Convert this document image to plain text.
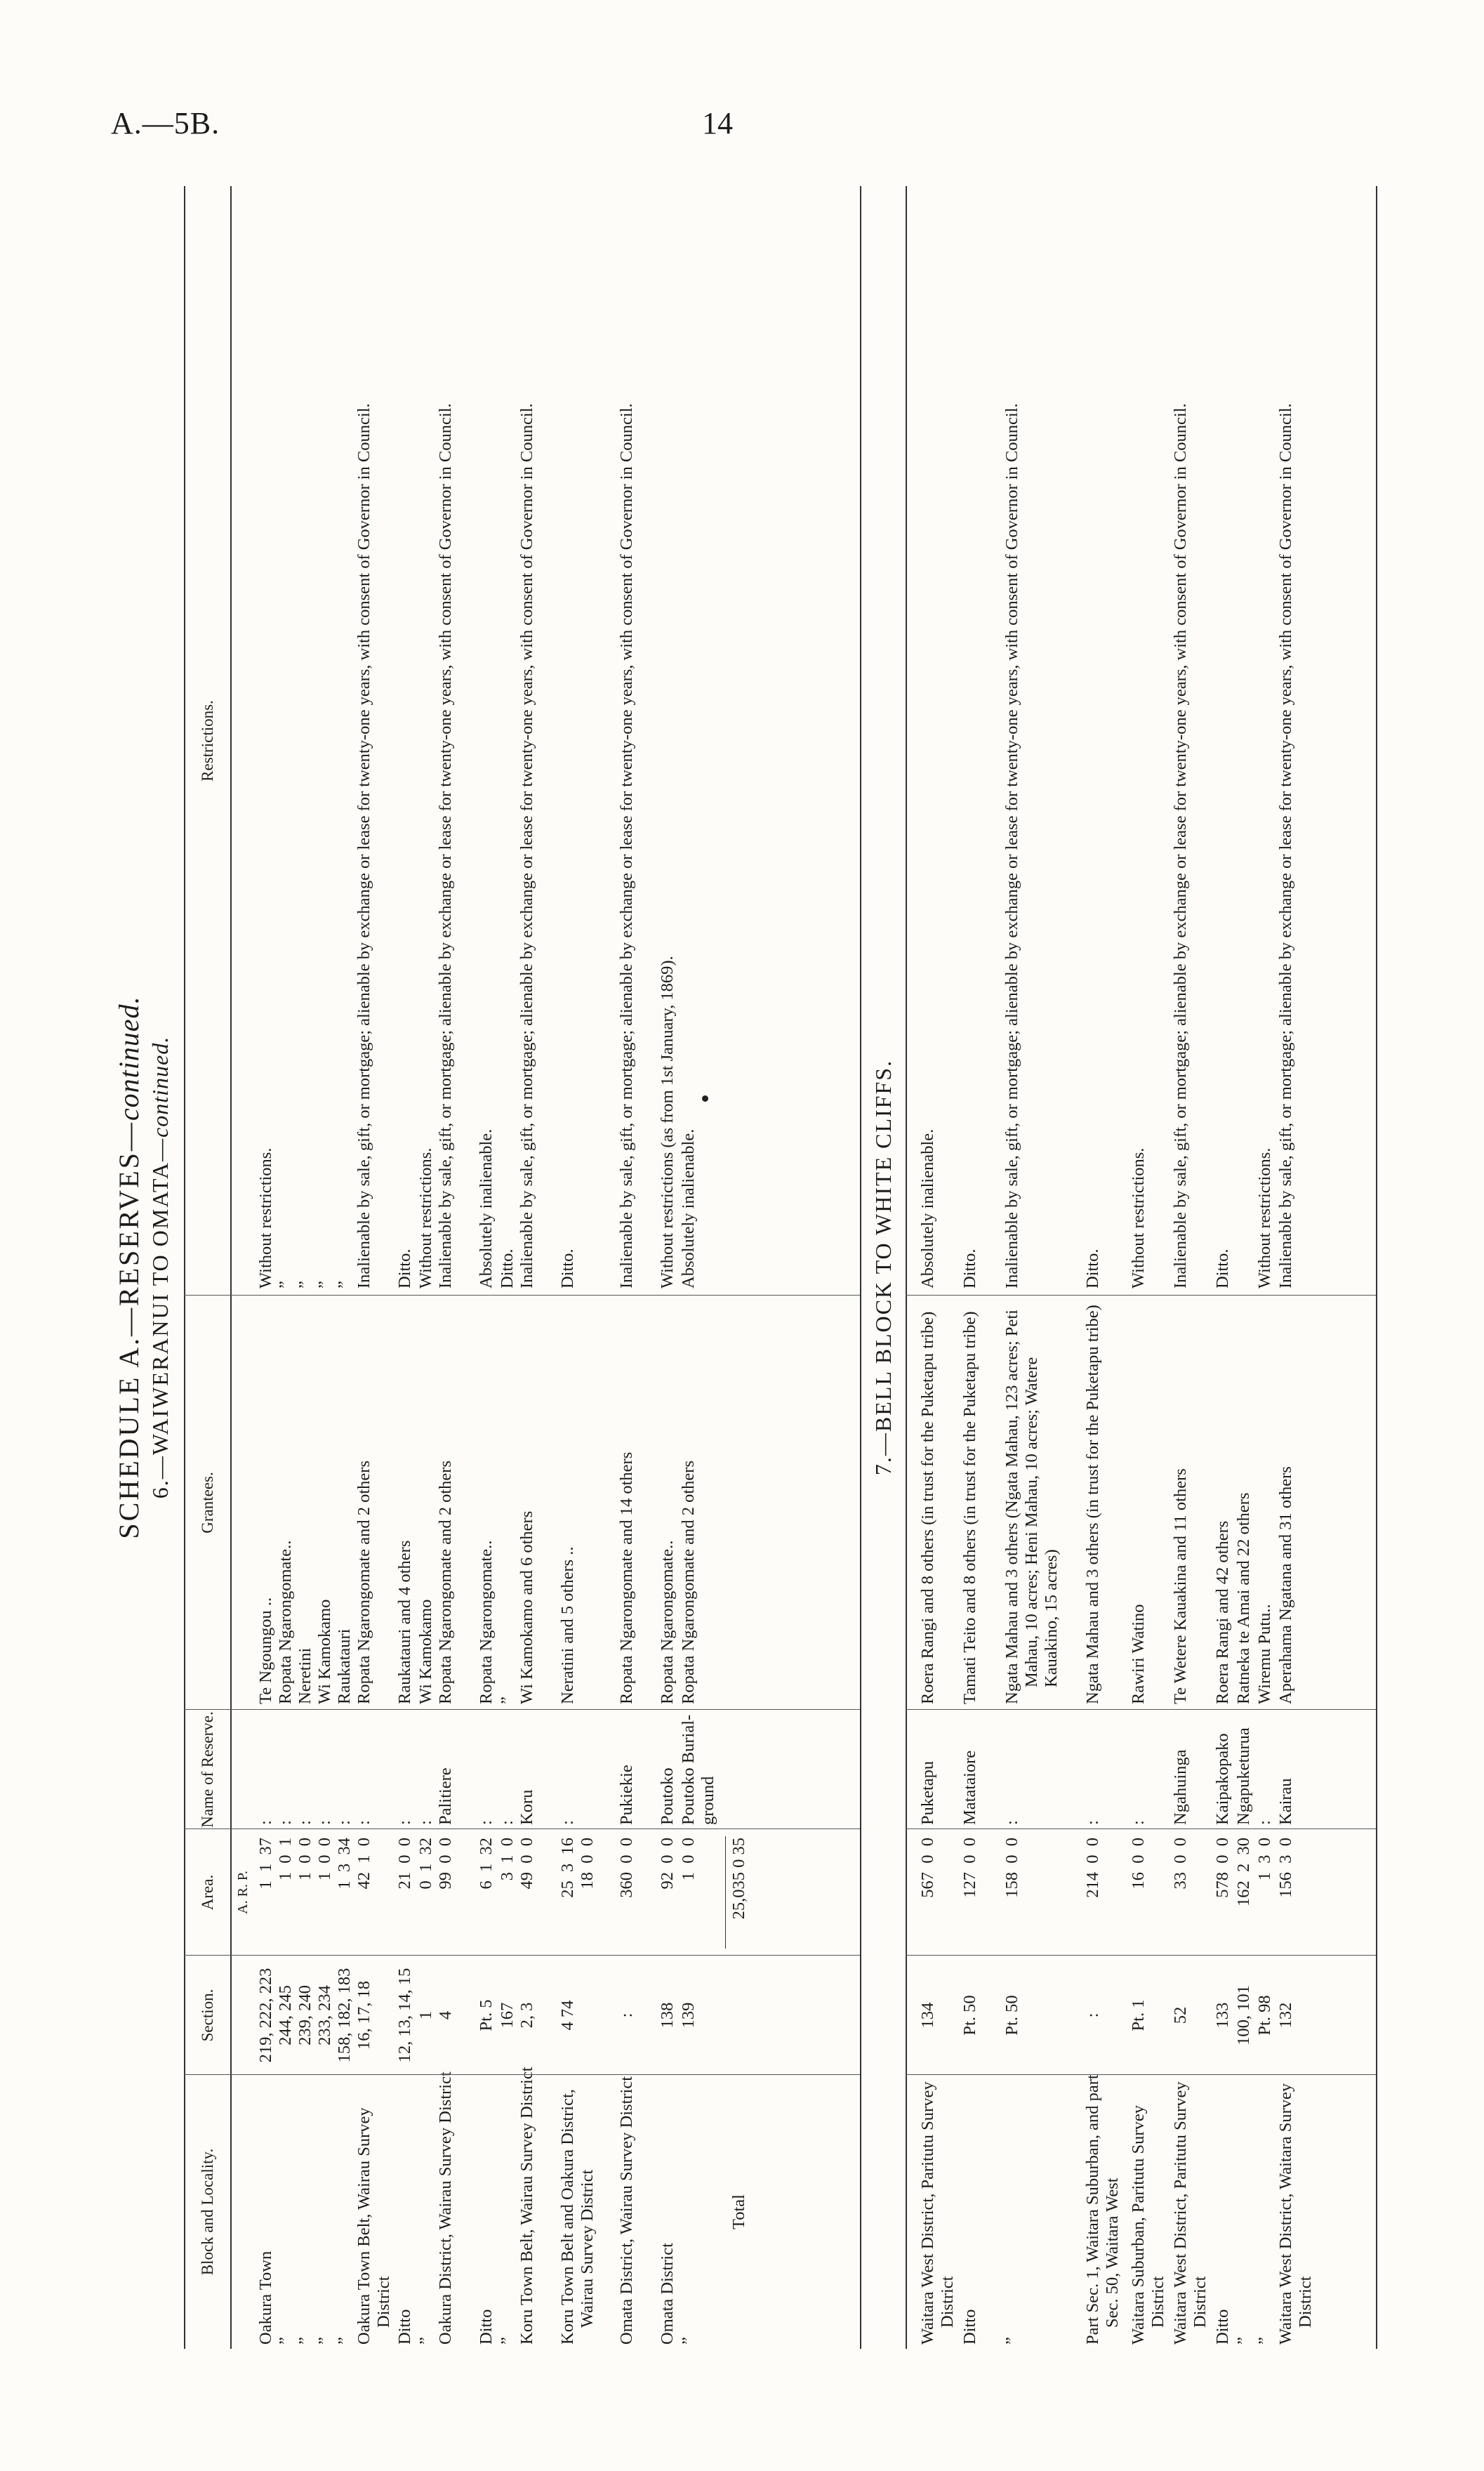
A.—5B.	14
SCHEDULE A.—RESERVES—continued.
6.—WAIWERANUI TO OMATA—continued.	7.—BELL BLOCK TO WHITE CLIFFS.
Block and Locality.
Section.
Area.
Name of Reserve.
Grantees.
Restrictions.
A. R. P.
Oakura Town
219, 222, 223
1  1  37
:
Te Ngoungou ..
Without restrictions.
”
244, 245
1  0  1
:
Ropata Ngarongomate..
”
”
239, 240
1  0  0
:
Neretini
”
”
233, 234
1  0  0
:
Wi Kamokamo
”
”
158, 182, 183
1  3  34
:
Raukatauri
”
Oakura Town Belt, Wairau Survey District
16, 17, 18
42  1  0
:
Ropata Ngarongomate and 2 others
Inalienable by sale, gift, or mortgage; alienable by exchange or lease for twenty-one years, with consent of Governor in Council.
Ditto
12, 13, 14, 15
21  0  0
:
Raukatauri and 4 others
Ditto.
”
1
0  1  32
:
Wi Kamokamo
Without restrictions.
Oakura District, Wairau Survey District
4
99  0  0
Palitiere
Ropata Ngarongomate and 2 others
Inalienable by sale, gift, or mortgage; alienable by exchange or lease for twenty-one years, with consent of Governor in Council.
Ditto
Pt. 5
6  1  32
:
Ropata Ngarongomate..
Absolutely inalienable.
”
167
3  1  0
:
”
Ditto.
Koru Town Belt, Wairau Survey District
2, 3
49  0  0
Koru
Wi Kamokamo and 6 others
Inalienable by sale, gift, or mortgage; alienable by exchange or lease for twenty-one years, with consent of Governor in Council.
Koru Town Belt and Oakura District, Wairau Survey District
4 74
25  3  16
18  0  0
:
Neratini and 5 others ..
Ditto.
Omata District, Wairau Survey District
:
360  0  0
Pukiekie
Ropata Ngarongomate and 14 others
Inalienable by sale, gift, or mortgage; alienable by exchange or lease for twenty-one years, with consent of Governor in Council.
Omata District
138
92  0  0
Poutoko
Ropata Ngarongomate..
Without restrictions (as from 1st January, 1869).
”
139
1  0  0
Poutoko Burial-ground
Ropata Ngarongomate and 2 others
Absolutely inalienable.
Total
25,035 0 35
Waitara West District, Paritutu Survey District
134
567  0  0
Puketapu
Roera Rangi and 8 others (in trust for the Puketapu tribe)
Absolutely inalienable.
Ditto
Pt. 50
127  0  0
Matataiore
Tamati Teito and 8 others (in trust for the Puketapu tribe)
Ditto.
”
Pt. 50
158  0  0
:
Ngata Mahau and 3 others (Ngata Mahau, 123 acres; Peti Mahau, 10 acres; Heni Mahau, 10 acres; Watere Kauakino, 15 acres)
Inalienable by sale, gift, or mortgage; alienable by exchange or lease for twenty-one years, with consent of Governor in Council.
Part Sec. 1, Waitara Suburban, and part Sec. 50, Waitara West
:
214  0  0
:
Ngata Mahau and 3 others (in trust for the Puketapu tribe)
Ditto.
Waitara Suburban, Paritutu Survey District
Pt. 1
16  0  0
:
Rawiri Watino
Without restrictions.
Waitara West District, Paritutu Survey District
52
33  0  0
Ngahuinga
Te Wetere Kauakina and 11 others
Inalienable by sale, gift, or mortgage; alienable by exchange or lease for twenty-one years, with consent of Governor in Council.
Ditto
133
578  0  0
Kaipakopako
Roera Rangi and 42 others
Ditto.
”
100, 101
162  2  30
Ngapuketurua
Ratneka te Amai and 22 others
”
Pt. 98
1  3  0
:
Wiremu Putu..
Without restrictions.
Waitara West District, Waitara Survey District
132
156  3  0
Kairau
Aperahama Ngatana and 31 others
Inalienable by sale, gift, or mortgage; alienable by exchange or lease for twenty-one years, with consent of Governor in Council.
